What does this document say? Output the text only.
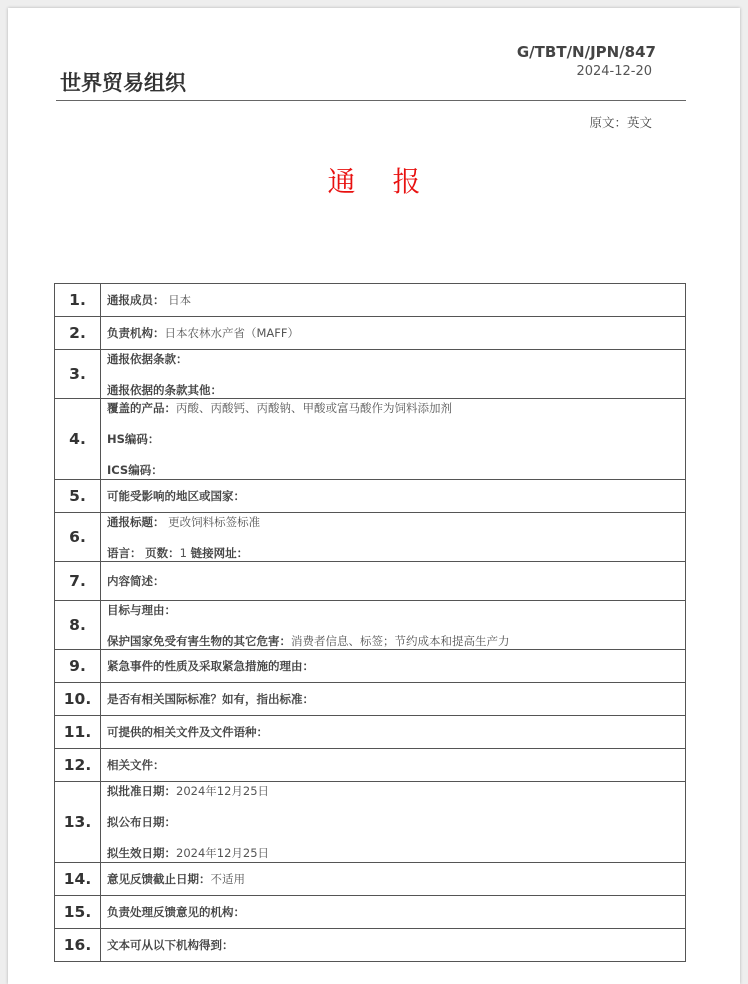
G/TBT/N/JPN/847
2024-12-20
世界贸易组织
原文：英文
通 报
1.	通报成员： 日本

2.	负责机构：日本农林水产省（MAFF）

3.	通报依据条款：
通报依据的条款其他：

4.	覆盖的产品：丙酸、丙酸钙、丙酸钠、甲酸或富马酸作为饲料添加剂
HS编码：
ICS编码：

5.	可能受影响的地区或国家：

6.	通报标题： 更改饲料标签标准
语言： 页数：1 链接网址：

7.	内容简述：

8.	目标与理由：
保护国家免受有害生物的其它危害：消费者信息、标签；节约成本和提高生产力

9.	紧急事件的性质及采取紧急措施的理由：

10.	是否有相关国际标准？如有，指出标准：

11.	可提供的相关文件及文件语种：

12.	相关文件：

13.	拟批准日期：2024年12月25日
拟公布日期：
拟生效日期：2024年12月25日

14.	意见反馈截止日期：不适用

15.	负责处理反馈意见的机构：

16.	文本可从以下机构得到：
